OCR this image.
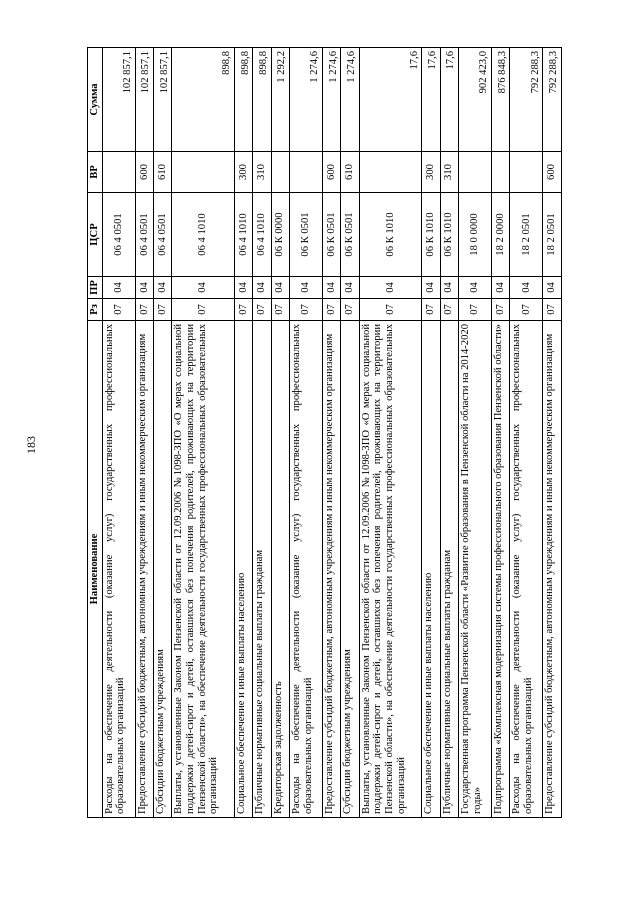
183
Наименование	Рз	ПР	ЦСР	ВР	Сумма
Расходы на обеспечение деятельности (оказание услуг) государственных профессиональных образовательных организаций	07	04	06 4 0501		102 857,1
Предоставление субсидий бюджетным, автономным учреждениям и иным некоммерческим организациям	07	04	06 4 0501	600	102 857,1
Субсидии бюджетным учреждениям	07	04	06 4 0501	610	102 857,1
Выплаты, установленные Законом Пензенской области от 12.09.2006 №1098-ЗПО «О мерах социальной поддержки детей-сирот и детей, оставшихся без попечения родителей, проживающих на территории Пензенской области», на обеспечение деятельности государственных профессиональных образовательных организаций	07	04	06 4 1010		898,8
Социальное обеспечение и иные выплаты населению	07	04	06 4 1010	300	898,8
Публичные нормативные социальные выплаты гражданам	07	04	06 4 1010	310	898,8
Кредиторская задолженность	07	04	06 К 0000		1 292,2
Расходы на обеспечение деятельности (оказание услуг) государственных профессиональных образовательных организаций	07	04	06 К 0501		1 274,6
Предоставление субсидий бюджетным, автономным учреждениям и иным некоммерческим организациям	07	04	06 К 0501	600	1 274,6
Субсидии бюджетным учреждениям	07	04	06 К 0501	610	1 274,6
Выплаты, установленные Законом Пензенской области от 12.09.2006 №1098-ЗПО «О мерах социальной поддержки детей-сирот и детей, оставшихся без попечения родителей, проживающих на территории Пензенской области», на обеспечение деятельности государственных профессиональных образовательных организаций	07	04	06 К 1010		17,6
Социальное обеспечение и иные выплаты населению	07	04	06 К 1010	300	17,6
Публичные нормативные социальные выплаты гражданам	07	04	06 К 1010	310	17,6
Государственная программа Пензенской области «Развитие образования в Пензенской области на 2014-2020 годы»	07	04	18 0 0000		902 423,0
Подпрограмма «Комплексная модернизация системы профессионального образования Пензенской области»	07	04	18 2 0000		876 848,3
Расходы на обеспечение деятельности (оказание услуг) государственных профессиональных образовательных организаций	07	04	18 2 0501		792 288,3
Предоставление субсидий бюджетным, автономным учреждениям и иным некоммерческим организациям	07	04	18 2 0501	600	792 288,3
